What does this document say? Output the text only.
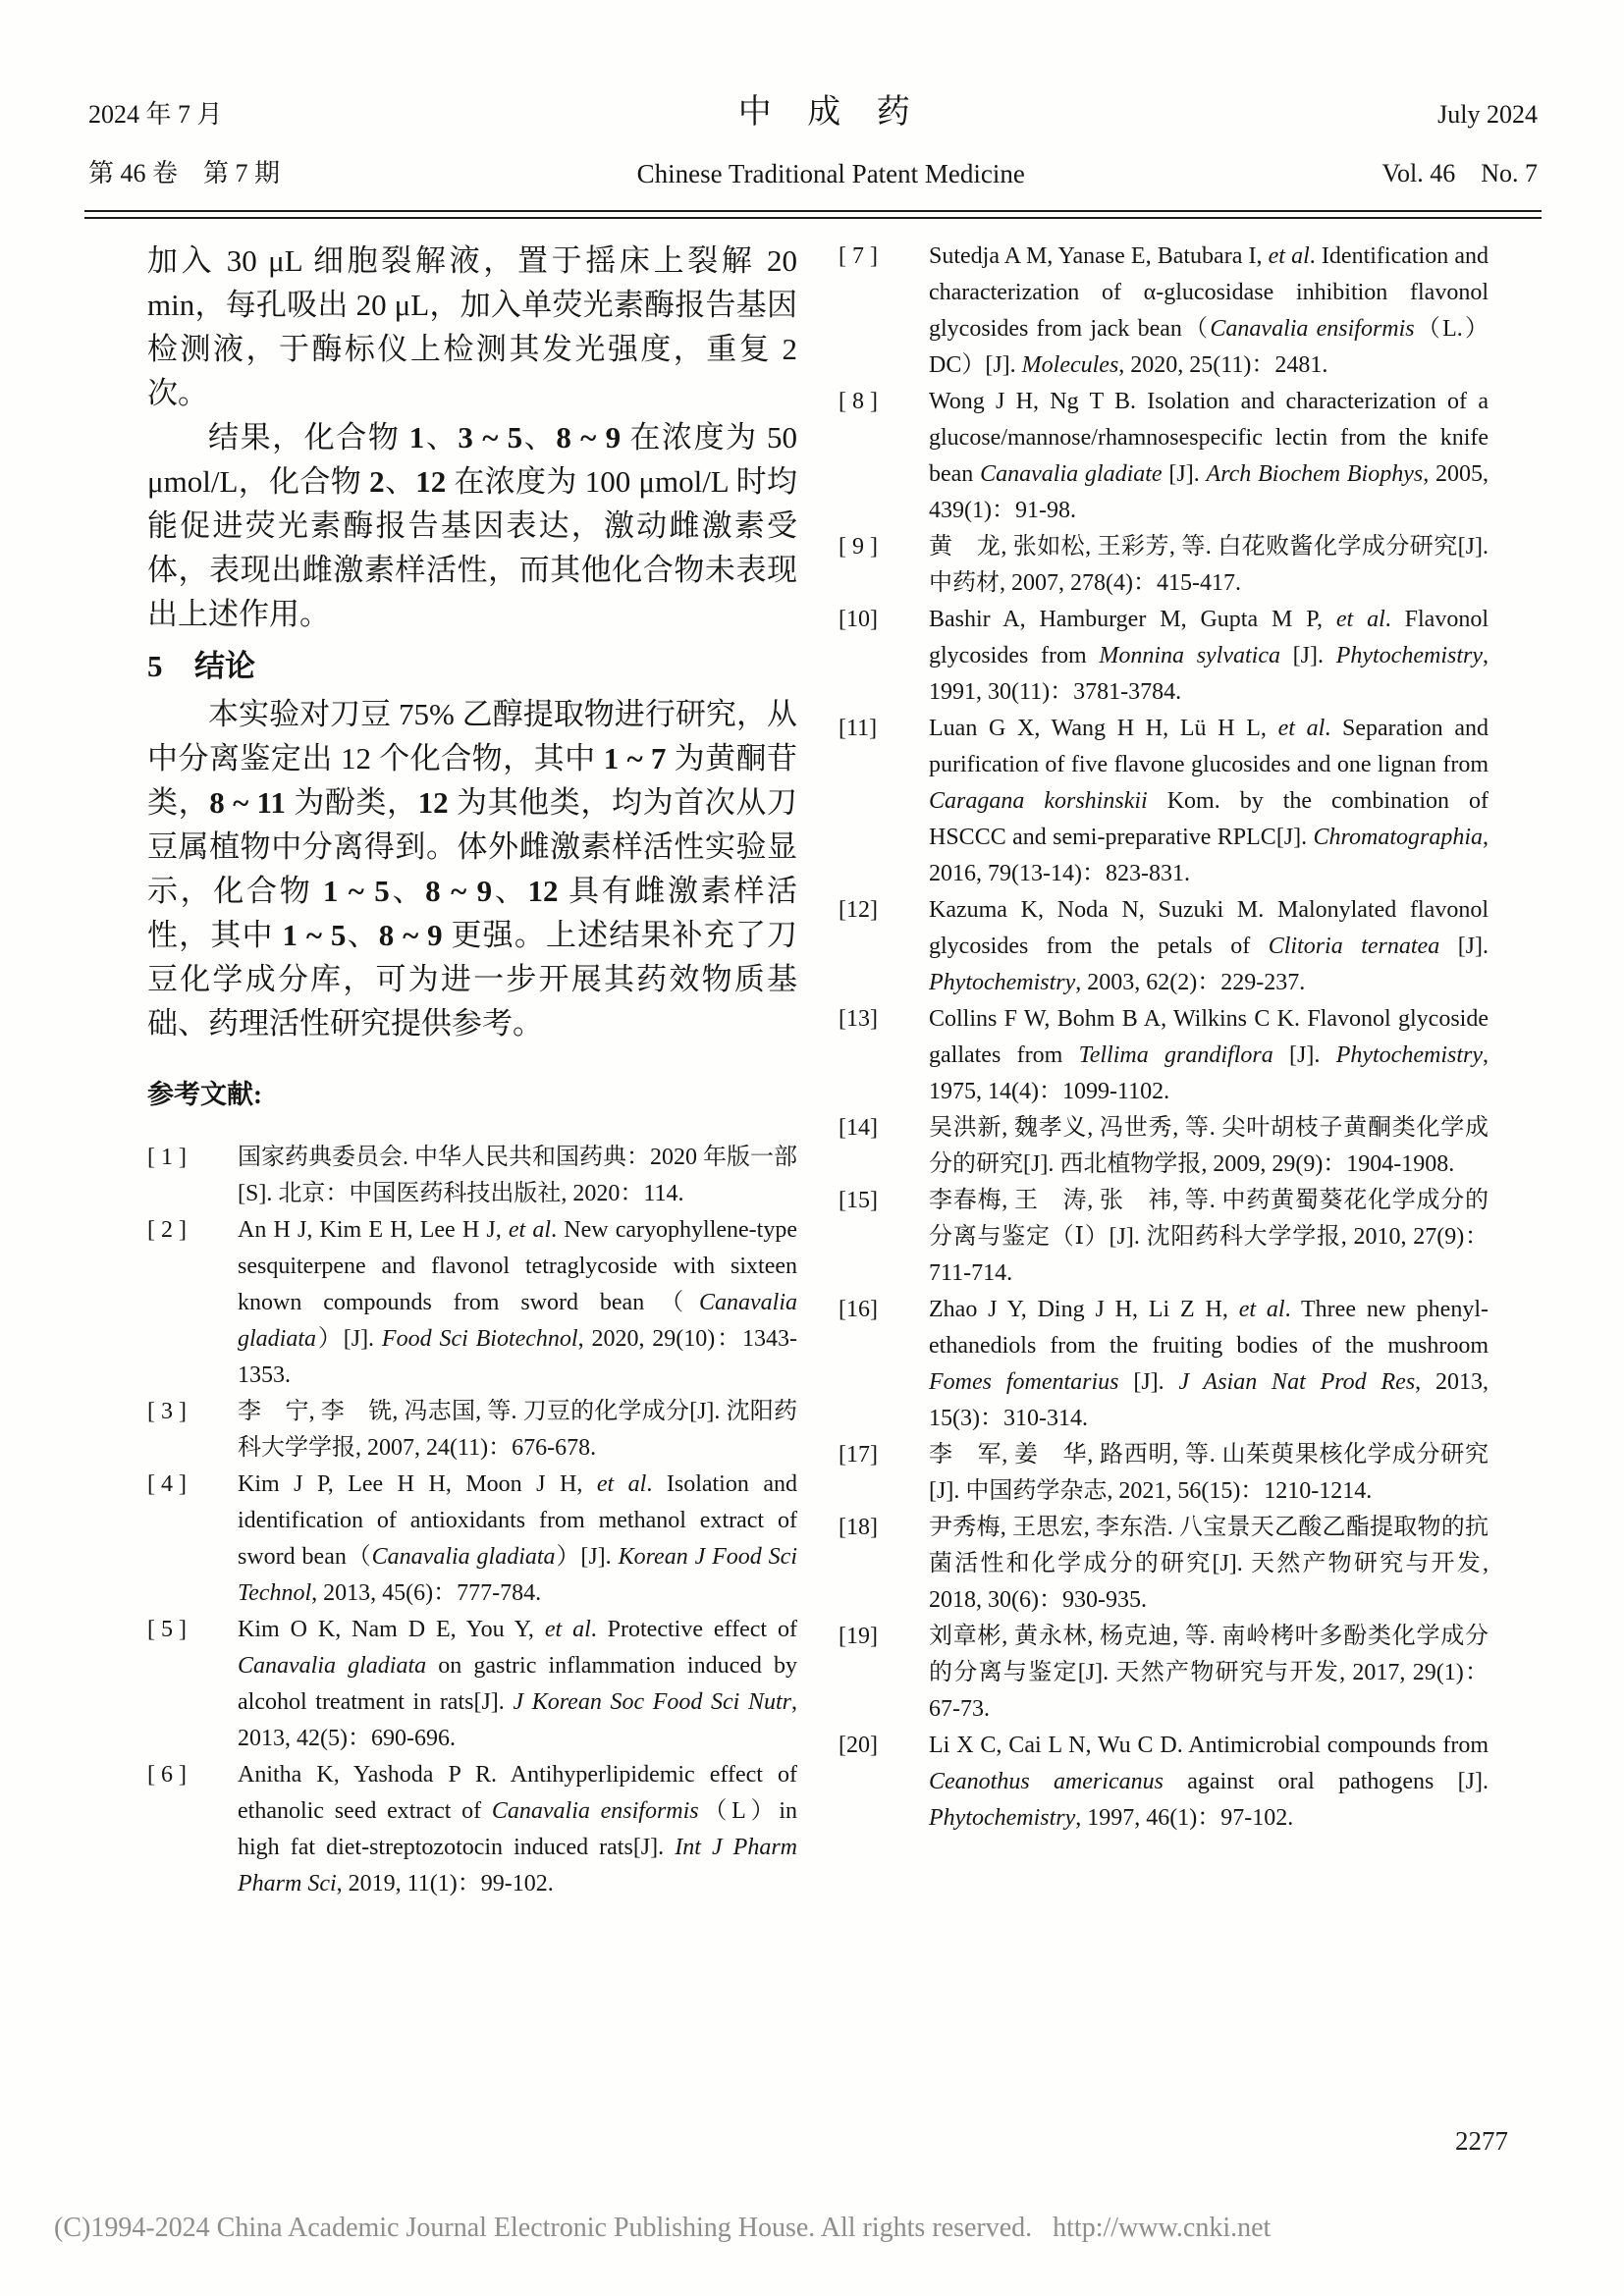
2024 年 7 月
第 46 卷　第 7 期
中 成 药
Chinese Traditional Patent Medicine
July 2024
Vol. 46　No. 7

加入 30 μL 细胞裂解液，置于摇床上裂解 20 min，每孔吸出 20 μL，加入单荧光素酶报告基因检测液，于酶标仪上检测其发光强度，重复 2 次。

结果，化合物 1、3 ~ 5、8 ~ 9 在浓度为 50 μmol/L，化合物 2、12 在浓度为 100 μmol/L 时均能促进荧光素酶报告基因表达，激动雌激素受体，表现出雌激素样活性，而其他化合物未表现出上述作用。

5 结论

本实验对刀豆 75% 乙醇提取物进行研究，从中分离鉴定出 12 个化合物，其中 1 ~ 7 为黄酮苷类，8 ~ 11 为酚类，12 为其他类，均为首次从刀豆属植物中分离得到。体外雌激素样活性实验显示，化合物 1 ~ 5、8 ~ 9、12 具有雌激素样活性，其中 1 ~ 5、8 ~ 9 更强。上述结果补充了刀豆化学成分库，可为进一步开展其药效物质基础、药理活性研究提供参考。

参考文献:
[ 1 ] 国家药典委员会. 中华人民共和国药典：2020 年版一部[S]. 北京：中国医药科技出版社, 2020：114.
[ 2 ] An H J, Kim E H, Lee H J, et al. New caryophyllene-type sesquiterpene and flavonol tetraglycoside with sixteen known compounds from sword bean（Canavalia gladiata）[J]. Food Sci Biotechnol, 2020, 29(10)：1343-1353.
[ 3 ] 李　宁, 李　铣, 冯志国, 等. 刀豆的化学成分[J]. 沈阳药科大学学报, 2007, 24(11)：676-678.
[ 4 ] Kim J P, Lee H H, Moon J H, et al. Isolation and identification of antioxidants from methanol extract of sword bean（Canavalia gladiata）[J]. Korean J Food Sci Technol, 2013, 45(6)：777-784.
[ 5 ] Kim O K, Nam D E, You Y, et al. Protective effect of Canavalia gladiata on gastric inflammation induced by alcohol treatment in rats[J]. J Korean Soc Food Sci Nutr, 2013, 42(5)：690-696.
[ 6 ] Anitha K, Yashoda P R. Antihyperlipidemic effect of ethanolic seed extract of Canavalia ensiformis（L）in high fat diet-streptozotocin induced rats[J]. Int J Pharm Pharm Sci, 2019, 11(1)：99-102.
[ 7 ] Sutedja A M, Yanase E, Batubara I, et al. Identification and characterization of α-glucosidase inhibition flavonol glycosides from jack bean（Canavalia ensiformis（L.）DC）[J]. Molecules, 2020, 25(11)：2481.
[ 8 ] Wong J H, Ng T B. Isolation and characterization of a glucose/mannose/rhamnosespecific lectin from the knife bean Canavalia gladiate [J]. Arch Biochem Biophys, 2005, 439(1)：91-98.
[ 9 ] 黄　龙, 张如松, 王彩芳, 等. 白花败酱化学成分研究[J]. 中药材, 2007, 278(4)：415-417.
[10] Bashir A, Hamburger M, Gupta M P, et al. Flavonol glycosides from Monnina sylvatica [J]. Phytochemistry, 1991, 30(11)：3781-3784.
[11] Luan G X, Wang H H, Lü H L, et al. Separation and purification of five flavone glucosides and one lignan from Caragana korshinskii Kom. by the combination of HSCCC and semi-preparative RPLC[J]. Chromatographia, 2016, 79(13-14)：823-831.
[12] Kazuma K, Noda N, Suzuki M. Malonylated flavonol glycosides from the petals of Clitoria ternatea [J]. Phytochemistry, 2003, 62(2)：229-237.
[13] Collins F W, Bohm B A, Wilkins C K. Flavonol glycoside gallates from Tellima grandiflora [J]. Phytochemistry, 1975, 14(4)：1099-1102.
[14] 吴洪新, 魏孝义, 冯世秀, 等. 尖叶胡枝子黄酮类化学成分的研究[J]. 西北植物学报, 2009, 29(9)：1904-1908.
[15] 李春梅, 王　涛, 张　祎, 等. 中药黄蜀葵花化学成分的分离与鉴定（Ⅰ）[J]. 沈阳药科大学学报, 2010, 27(9)：711-714.
[16] Zhao J Y, Ding J H, Li Z H, et al. Three new phenyl-ethanediols from the fruiting bodies of the mushroom Fomes fomentarius [J]. J Asian Nat Prod Res, 2013, 15(3)：310-314.
[17] 李　军, 姜　华, 路西明, 等. 山茱萸果核化学成分研究[J]. 中国药学杂志, 2021, 56(15)：1210-1214.
[18] 尹秀梅, 王思宏, 李东浩. 八宝景天乙酸乙酯提取物的抗菌活性和化学成分的研究[J]. 天然产物研究与开发, 2018, 30(6)：930-935.
[19] 刘章彬, 黄永林, 杨克迪, 等. 南岭栲叶多酚类化学成分的分离与鉴定[J]. 天然产物研究与开发, 2017, 29(1)：67-73.
[20] Li X C, Cai L N, Wu C D. Antimicrobial compounds from Ceanothus americanus against oral pathogens [J]. Phytochemistry, 1997, 46(1)：97-102.
2277
(C)1994-2024 China Academic Journal Electronic Publishing House. All rights reserved.   http://www.cnki.net
